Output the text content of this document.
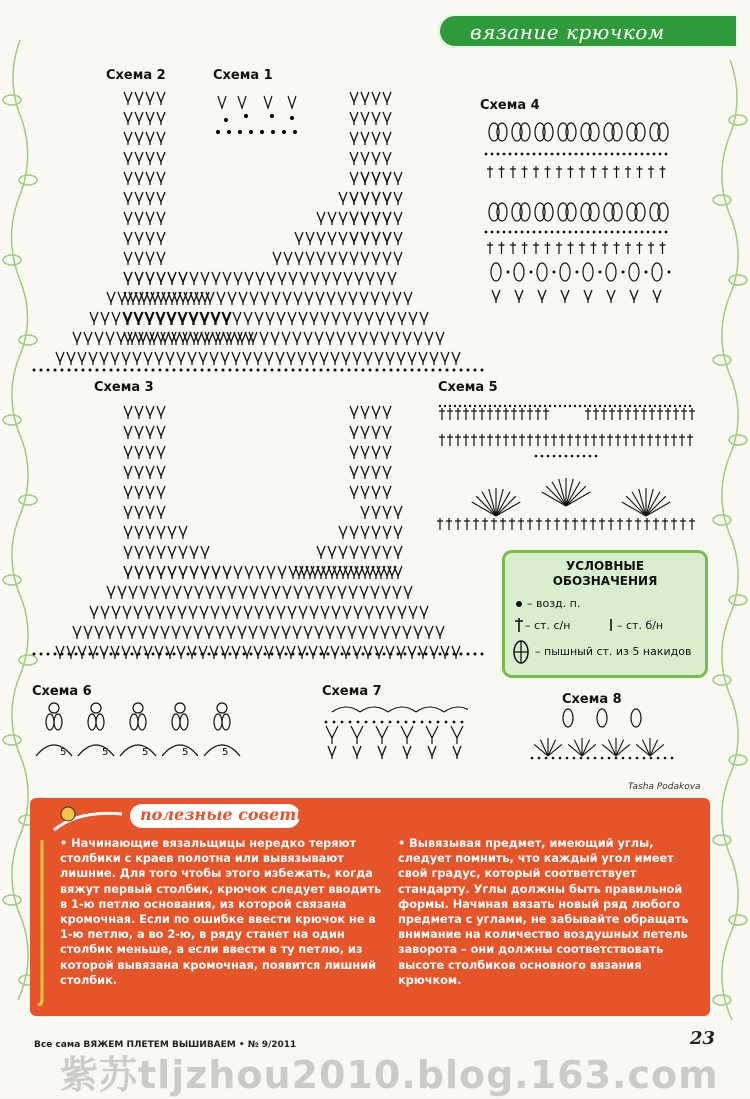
вязание крючком
Схема 2	Схема 1
Схема 4
Схема 3	Схема 5
Схема 6	Схема 7
Схема 8
5	5	5	5	5
УСЛОВНЫЕ ОБОЗНАЧЕНИЯ
– возд. п.
– ст. с/н	– ст. б/н
– пышный ст. из 5 накидов
Tasha Podakova
полезные советы
• Начинающие вязальщицы нередко теряют столбики с краев полотна или вывязывают лишние. Для того чтобы этого избежать, когда вяжут первый столбик, крючок следует вводить в 1-ю петлю основания, из которой связана кромочная. Если по ошибке ввести крючок не в 1-ю петлю, а во 2-ю, в ряду станет на один столбик меньше, а если ввести в ту петлю, из которой вывязана кромочная, появится лишний столбик.
• Вывязывая предмет, имеющий углы, следует помнить, что каждый угол имеет свой градус, который соответствует стандарту. Углы должны быть правильной формы. Начиная вязать новый ряд любого предмета с углами, не забывайте обращать внимание на количество воздушных петель заворота – они должны соответствовать высоте столбиков основного вязания крючком.
Все сама ВЯЖЕМ ПЛЕТЕМ ВЫШИВАЕМ • № 9/2011	23
紫苏tljzhou2010.blog.163.com
